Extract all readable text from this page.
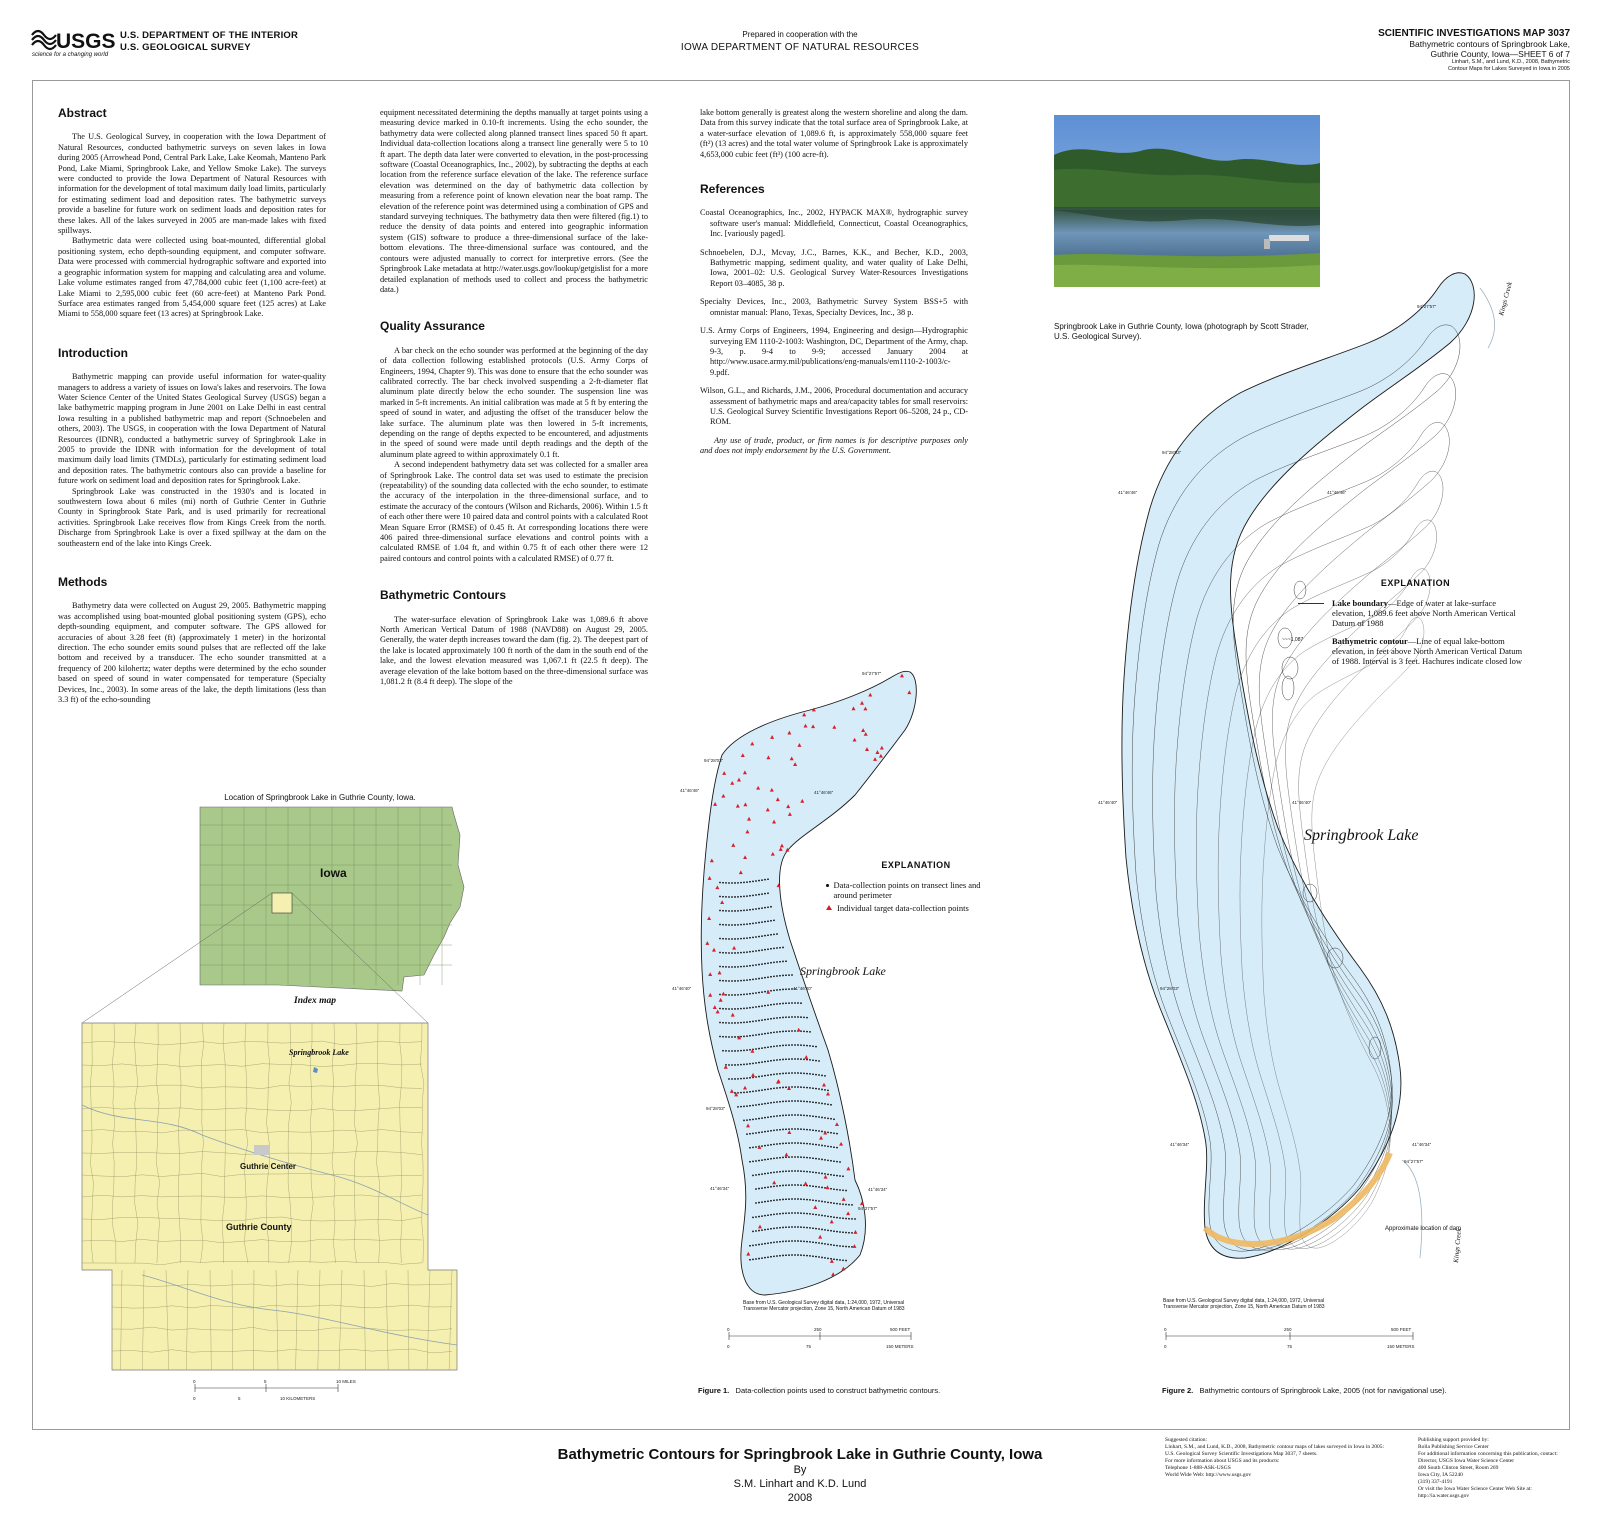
USGS
science for a changing world
U.S. DEPARTMENT OF THE INTERIOR
U.S. GEOLOGICAL SURVEY
Prepared in cooperation with the
IOWA DEPARTMENT OF NATURAL RESOURCES
SCIENTIFIC INVESTIGATIONS MAP 3037
Bathymetric contours of Springbrook Lake,
Guthrie County, Iowa—SHEET 6 of 7
Linhart, S.M., and Lund, K.D., 2008, Bathymetric
Contour Maps for Lakes Surveyed in Iowa in 2005
Abstract

The U.S. Geological Survey, in cooperation with the Iowa Department of Natural Resources, conducted bathymetric surveys on seven lakes in Iowa during 2005 (Arrowhead Pond, Central Park Lake, Lake Keomah, Manteno Park Pond, Lake Miami, Springbrook Lake, and Yellow Smoke Lake). The surveys were conducted to provide the Iowa Department of Natural Resources with information for the development of total maximum daily load limits, particularly for estimating sediment load and deposition rates. The bathymetric surveys provide a baseline for future work on sediment loads and deposition rates for these lakes. All of the lakes surveyed in 2005 are man-made lakes with fixed spillways.

Bathymetric data were collected using boat-mounted, differential global positioning system, echo depth-sounding equipment, and computer software. Data were processed with commercial hydrographic software and exported into a geographic information system for mapping and calculating area and volume. Lake volume estimates ranged from 47,784,000 cubic feet (1,100 acre-feet) at Lake Miami to 2,595,000 cubic feet (60 acre-feet) at Manteno Park Pond. Surface area estimates ranged from 5,454,000 square feet (125 acres) at Lake Miami to 558,000 square feet (13 acres) at Springbrook Lake.

Introduction

Bathymetric mapping can provide useful information for water-quality managers to address a variety of issues on Iowa's lakes and reservoirs. The Iowa Water Science Center of the United States Geological Survey (USGS) began a lake bathymetric mapping program in June 2001 on Lake Delhi in east central Iowa resulting in a published bathymetric map and report (Schnoebelen and others, 2003). The USGS, in cooperation with the Iowa Department of Natural Resources (IDNR), conducted a bathymetric survey of Springbrook Lake in 2005 to provide the IDNR with information for the development of total maximum daily load limits (TMDLs), particularly for estimating sediment load and deposition rates. The bathymetric contours also can provide a baseline for future work on sediment load and deposition rates for Springbrook Lake.

Springbrook Lake was constructed in the 1930's and is located in southwestern Iowa about 6 miles (mi) north of Guthrie Center in Guthrie County in Springbrook State Park, and is used primarily for recreational activities. Springbrook Lake receives flow from Kings Creek from the north. Discharge from Springbrook Lake is over a fixed spillway at the dam on the southeastern end of the lake into Kings Creek.

Methods

Bathymetry data were collected on August 29, 2005. Bathymetric mapping was accomplished using boat-mounted global positioning system (GPS), echo depth-sounding equipment, and computer software. The GPS allowed for accuracies of about 3.28 feet (ft) (approximately 1 meter) in the horizontal direction. The echo sounder emits sound pulses that are reflected off the lake bottom and received by a transducer. The echo sounder transmitted at a frequency of 200 kilohertz; water depths were determined by the echo sounder based on speed of sound in water compensated for temperature (Specialty Devices, Inc., 2003). In some areas of the lake, the depth limitations (less than 3.3 ft) of the echo-sounding

equipment necessitated determining the depths manually at target points using a measuring device marked in 0.10-ft increments. Using the echo sounder, the bathymetry data were collected along planned transect lines spaced 50 ft apart. Individual data-collection locations along a transect line generally were 5 to 10 ft apart. The depth data later were converted to elevation, in the post-processing software (Coastal Oceanographics, Inc., 2002), by subtracting the depths at each location from the reference surface elevation of the lake. The reference surface elevation was determined on the day of bathymetric data collection by measuring from a reference point of known elevation near the boat ramp. The elevation of the reference point was determined using a combination of GPS and standard surveying techniques. The bathymetry data then were filtered (fig.1) to reduce the density of data points and entered into geographic information system (GIS) software to produce a three-dimensional surface of the lake-bottom elevations. The three-dimensional surface was contoured, and the contours were adjusted manually to correct for interpretive errors. (See the Springbrook Lake metadata at http://water.usgs.gov/lookup/getgislist for a more detailed explanation of methods used to collect and process the bathymetric data.)

Quality Assurance

A bar check on the echo sounder was performed at the beginning of the day of data collection following established protocols (U.S. Army Corps of Engineers, 1994, Chapter 9). This was done to ensure that the echo sounder was calibrated correctly. The bar check involved suspending a 2-ft-diameter flat aluminum plate directly below the echo sounder. The suspension line was marked in 5-ft increments. An initial calibration was made at 5 ft by entering the speed of sound in water, and adjusting the offset of the transducer below the lake surface. The aluminum plate was then lowered in 5-ft increments, depending on the range of depths expected to be encountered, and adjustments in the speed of sound were made until depth readings and the depth of the aluminum plate agreed to within approximately 0.1 ft.

A second independent bathymetry data set was collected for a smaller area of Springbrook Lake. The control data set was used to estimate the precision (repeatability) of the sounding data collected with the echo sounder, to estimate the accuracy of the interpolation in the three-dimensional surface, and to estimate the accuracy of the contours (Wilson and Richards, 2006). Within 1.5 ft of each other there were 10 paired data and control points with a calculated Root Mean Square Error (RMSE) of 0.45 ft. At corresponding locations there were 406 paired three-dimensional surface elevations and control points with a calculated RMSE of 1.04 ft, and within 0.75 ft of each other there were 12 paired contours and control points with a calculated RMSE) of 0.77 ft.

Bathymetric Contours

The water-surface elevation of Springbrook Lake was 1,089.6 ft above North American Vertical Datum of 1988 (NAVD88) on August 29, 2005. Generally, the water depth increases toward the dam (fig. 2). The deepest part of the lake is located approximately 100 ft north of the dam in the south end of the lake, and the lowest elevation measured was 1,067.1 ft (22.5 ft deep). The average elevation of the lake bottom based on the three-dimensional surface was 1,081.2 ft (8.4 ft deep). The slope of the

lake bottom generally is greatest along the western shoreline and along the dam. Data from this survey indicate that the total surface area of Springbrook Lake, at a water-surface elevation of 1,089.6 ft, is approximately 558,000 square feet (ft²) (13 acres) and the total water volume of Springbrook Lake is approximately 4,653,000 cubic feet (ft³) (100 acre-ft).

References

Coastal Oceanographics, Inc., 2002, HYPACK MAX®, hydrographic survey software user's manual: Middlefield, Connecticut, Coastal Oceanographics, Inc. [variously paged].

Schnoebelen, D.J., Mcvay, J.C., Barnes, K.K., and Becher, K.D., 2003, Bathymetric mapping, sediment quality, and water quality of Lake Delhi, Iowa, 2001–02: U.S. Geological Survey Water-Resources Investigations Report 03–4085, 38 p.

Specialty Devices, Inc., 2003, Bathymetric Survey System BSS+5 with omnistar manual: Plano, Texas, Specialty Devices, Inc., 38 p.

U.S. Army Corps of Engineers, 1994, Engineering and design—Hydrographic surveying EM 1110-2-1003: Washington, DC, Department of the Army, chap. 9-3, p. 9-4 to 9-9; accessed January 2004 at http://www.usace.army.mil/publications/eng-manuals/em1110-2-1003/c-9.pdf.

Wilson, G.L., and Richards, J.M., 2006, Procedural documentation and accuracy assessment of bathymetric maps and area/capacity tables for small reservoirs: U.S. Geological Survey Scientific Investigations Report 06–5208, 24 p., CD-ROM.

Any use of trade, product, or firm names is for descriptive purposes only and does not imply endorsement by the U.S. Government.

Springbrook Lake in Guthrie County, Iowa (photograph by Scott Strader, U.S. Geological Survey).
Location of Springbrook Lake in Guthrie County, Iowa.
Iowa
Index map
Springbrook Lake
Guthrie Center
Guthrie County
0	5	10 MILES
0	5	10 KILOMETERS
Springbrook Lake
94°27'57"
94°28'03"
41°46'46"	41°46'46"
41°46'40"	41°46'40"
94°28'03"
41°46'34"	41°46'34"
94°27'57"
EXPLANATION
Data-collection points on transect lines and around perimeter
Individual target data-collection points
Base from U.S. Geological Survey digital data, 1:24,000, 1972, Universal Transverse Mercator projection, Zone 15, North American Datum of 1983
0	250	500 FEET
0	75	150 METERS
Figure 1. Data-collection points used to construct bathymetric contours.
Springbrook Lake
Kings Creek
Kings Creek
Approximate location of dam
94°27'57"
94°28'03"
41°46'46"	41°46'46"
41°46'40"	41°46'40"
94°28'03"
41°46'34"	41°46'34"
94°27'57"
EXPLANATION
Lake boundary—Edge of water at lake-surface elevation, 1,089.6 feet above North American Vertical Datum of 1988
~~~1,087	Bathymetric contour—Line of equal lake-bottom elevation, in feet above North American Vertical Datum of 1988. Interval is 3 feet. Hachures indicate closed low
Base from U.S. Geological Survey digital data, 1:24,000, 1972, Universal Transverse Mercator projection, Zone 15, North American Datum of 1983
0	250	500 FEET
0	75	150 METERS
Figure 2. Bathymetric contours of Springbrook Lake, 2005 (not for navigational use).
Bathymetric Contours for Springbrook Lake in Guthrie County, Iowa
By
S.M. Linhart and K.D. Lund
2008
Suggested citation:
Linhart, S.M., and Lund, K.D., 2008, Bathymetric contour maps of lakes surveyed in Iowa in 2005:
U.S. Geological Survey Scientific Investigations Map 3037, 7 sheets.
For more information about USGS and its products:
Telephone 1-888-ASK-USGS
World Wide Web: http://www.usgs.gov
Publishing support provided by:
Rolla Publishing Service Center
For additional information concerning this publication, contact:
Director, USGS Iowa Water Science Center
400 South Clinton Street, Room 269
Iowa City, IA 52240
(319) 337-4191
Or visit the Iowa Water Science Center Web Site at:
http://ia.water.usgs.gov
